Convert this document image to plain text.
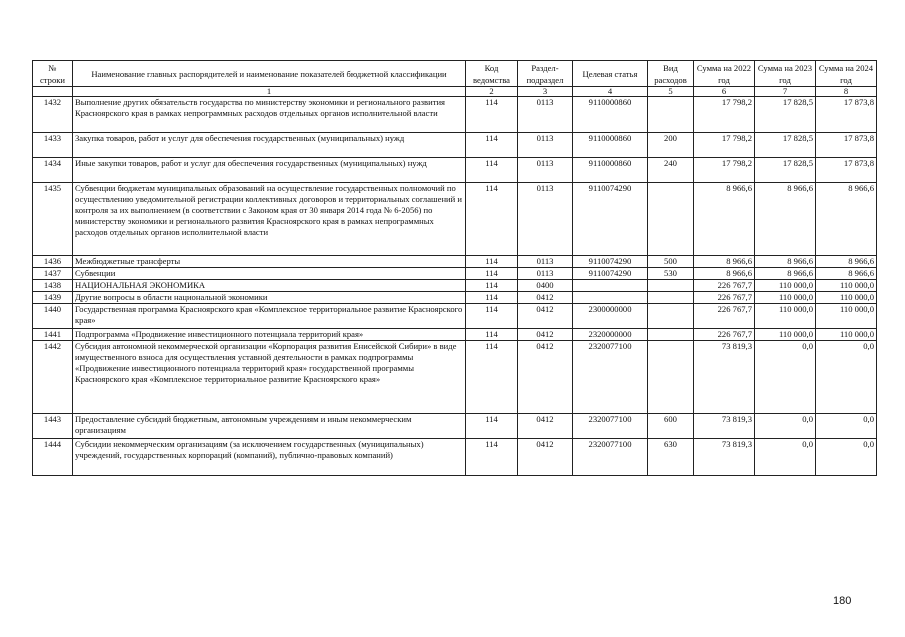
№ строки	Наименование главных распорядителей и наименование показателей бюджетной классификации	Код ведомства	Раздел-подраздел	Целевая статья	Вид расходов	Сумма на 2022 год	Сумма на 2023 год	Сумма на 2024 год
	1	2	3	4	5	6	7	8
1432	Выполнение других обязательств государства по министерству экономики и регионального развития Красноярского края в рамках непрограммных расходов отдельных органов исполнительной власти	114	0113	9110000860		17 798,2	17 828,5	17 873,8
1433	Закупка товаров, работ и услуг для обеспечения государственных (муниципальных) нужд	114	0113	9110000860	200	17 798,2	17 828,5	17 873,8
1434	Иные закупки товаров, работ и услуг для обеспечения государственных (муниципальных) нужд	114	0113	9110000860	240	17 798,2	17 828,5	17 873,8
1435	Субвенции бюджетам муниципальных образований на осуществление государственных полномочий по осуществлению уведомительной регистрации коллективных договоров и территориальных соглашений и контроля за их выполнением (в соответствии с Законом края от 30 января 2014 года № 6-2056) по министерству экономики и регионального развития Красноярского края в рамках непрограммных расходов отдельных органов исполнительной власти	114	0113	9110074290		8 966,6	8 966,6	8 966,6
1436	Межбюджетные трансферты	114	0113	9110074290	500	8 966,6	8 966,6	8 966,6
1437	Субвенции	114	0113	9110074290	530	8 966,6	8 966,6	8 966,6
1438	НАЦИОНАЛЬНАЯ ЭКОНОМИКА	114	0400			226 767,7	110 000,0	110 000,0
1439	Другие вопросы в области национальной экономики	114	0412			226 767,7	110 000,0	110 000,0
1440	Государственная программа Красноярского края «Комплексное территориальное развитие Красноярского края»	114	0412	2300000000		226 767,7	110 000,0	110 000,0
1441	Подпрограмма «Продвижение инвестиционного потенциала территорий края»	114	0412	2320000000		226 767,7	110 000,0	110 000,0
1442	Субсидия автономной некоммерческой организации «Корпорация развития Енисейской Сибири» в виде имущественного взноса для осуществления уставной деятельности в рамках подпрограммы «Продвижение инвестиционного потенциала территорий края» государственной программы Красноярского края «Комплексное территориальное развитие Красноярского края»	114	0412	2320077100		73 819,3	0,0	0,0
1443	Предоставление субсидий бюджетным, автономным учреждениям и иным некоммерческим организациям	114	0412	2320077100	600	73 819,3	0,0	0,0
1444	Субсидии некоммерческим организациям (за исключением государственных (муниципальных) учреждений, государственных корпораций (компаний), публично-правовых компаний)	114	0412	2320077100	630	73 819,3	0,0	0,0
180
